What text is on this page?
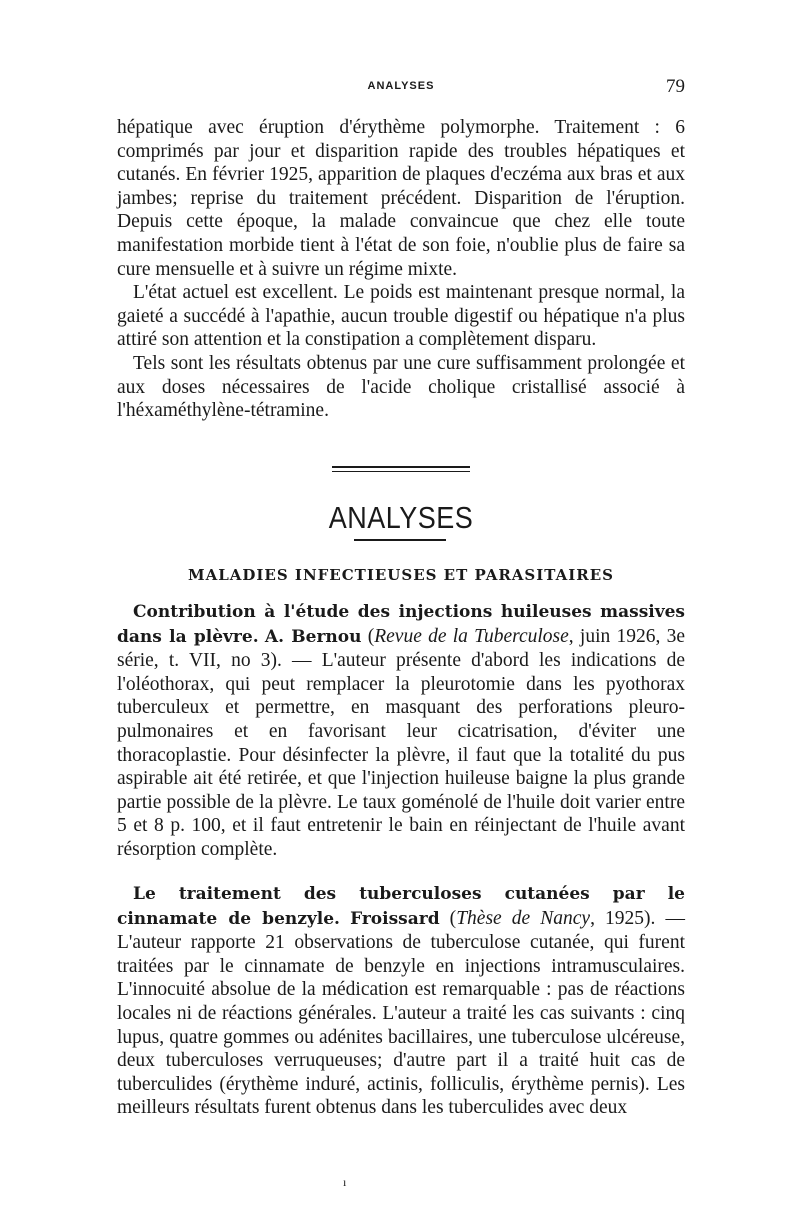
ANALYSES	79

hépatique avec éruption d'érythème polymorphe. Traitement : 6 comprimés par jour et disparition rapide des troubles hépatiques et cutanés. En février 1925, apparition de plaques d'eczéma aux bras et aux jambes; reprise du traitement précédent. Disparition de l'éruption. Depuis cette époque, la malade convaincue que chez elle toute manifestation morbide tient à l'état de son foie, n'oublie plus de faire sa cure mensuelle et à suivre un régime mixte.

L'état actuel est excellent. Le poids est maintenant presque normal, la gaieté a succédé à l'apathie, aucun trouble digestif ou hépatique n'a plus attiré son attention et la constipation a complètement disparu.

Tels sont les résultats obtenus par une cure suffisamment prolongée et aux doses nécessaires de l'acide cholique cristallisé associé à l'héxaméthylène-tétramine.

ANALYSES
MALADIES INFECTIEUSES ET PARASITAIRES

Contribution à l'étude des injections huileuses massives dans la plèvre. A. Bernou (Revue de la Tuberculose, juin 1926, 3e série, t. VII, no 3). — L'auteur présente d'abord les indications de l'oléothorax, qui peut remplacer la pleurotomie dans les pyothorax tuberculeux et permettre, en masquant des perforations pleuro-pulmonaires et en favorisant leur cicatrisation, d'éviter une thoracoplastie. Pour désinfecter la plèvre, il faut que la totalité du pus aspirable ait été retirée, et que l'injection huileuse baigne la plus grande partie possible de la plèvre. Le taux goménolé de l'huile doit varier entre 5 et 8 p. 100, et il faut entretenir le bain en réinjectant de l'huile avant résorption complète.

Le traitement des tuberculoses cutanées par le cinnamate de benzyle. Froissard (Thèse de Nancy, 1925). — L'auteur rapporte 21 observations de tuberculose cutanée, qui furent traitées par le cinnamate de benzyle en injections intramusculaires. L'innocuité absolue de la médication est remarquable : pas de réactions locales ni de réactions générales. L'auteur a traité les cas suivants : cinq lupus, quatre gommes ou adénites bacillaires, une tuberculose ulcéreuse, deux tuberculoses verruqueuses; d'autre part il a traité huit cas de tuberculides (érythème induré, actinis, folliculis, érythème pernis). Les meilleurs résultats furent obtenus dans les tuberculides avec deux

ı
